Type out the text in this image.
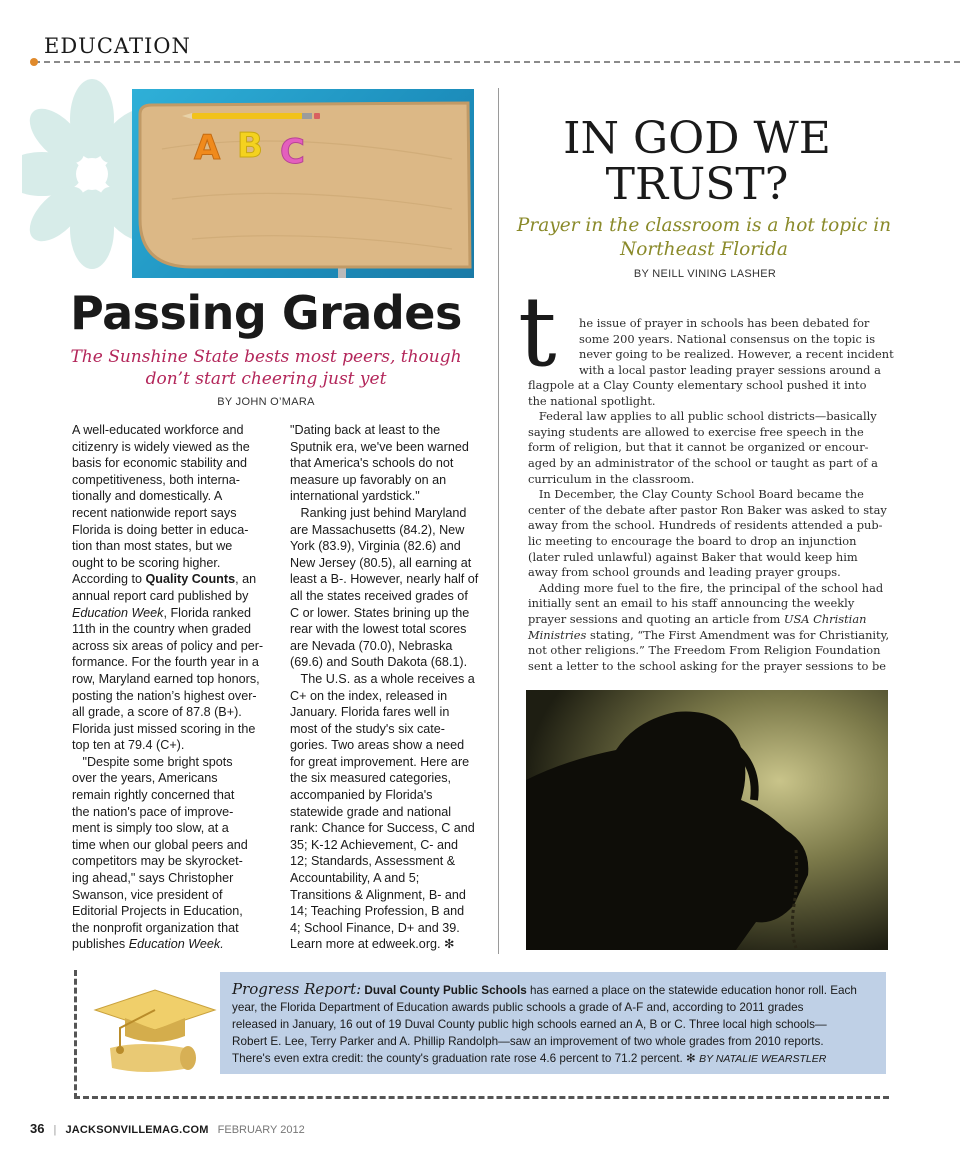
EDUCATION
A B C
Passing Grades
The Sunshine State bests most peers, though
don’t start cheering just yet
BY JOHN O’MARA
A well-educated workforce and
citizenry is widely viewed as the
basis for economic stability and
competitiveness, both interna-
tionally and domestically. A
recent nationwide report says
Florida is doing better in educa-
tion than most states, but we
ought to be scoring higher.
According to Quality Counts, an
annual report card published by
Education Week, Florida ranked
11th in the country when graded
across six areas of policy and per-
formance. For the fourth year in a
row, Maryland earned top honors,
posting the nation’s highest over-
all grade, a score of 87.8 (B+).
Florida just missed scoring in the
top ten at 79.4 (C+).
"Despite some bright spots
over the years, Americans
remain rightly concerned that
the nation's pace of improve-
ment is simply too slow, at a
time when our global peers and
competitors may be skyrocket-
ing ahead," says Christopher
Swanson, vice president of
Editorial Projects in Education,
the nonprofit organization that
publishes Education Week.
"Dating back at least to the
Sputnik era, we've been warned
that America's schools do not
measure up favorably on an
international yardstick."
Ranking just behind Maryland
are Massachusetts (84.2), New
York (83.9), Virginia (82.6) and
New Jersey (80.5), all earning at
least a B-. However, nearly half of
all the states received grades of
C or lower. States brining up the
rear with the lowest total scores
are Nevada (70.0), Nebraska
(69.6) and South Dakota (68.1).
The U.S. as a whole receives a
C+ on the index, released in
January. Florida fares well in
most of the study's six cate-
gories. Two areas show a need
for great improvement. Here are
the six measured categories,
accompanied by Florida's
statewide grade and national
rank: Chance for Success, C and
35; K-12 Achievement, C- and
12; Standards, Assessment &
Accountability, A and 5;
Transitions & Alignment, B- and
14; Teaching Profession, B and
4; School Finance, D+ and 39.
Learn more at edweek.org. ✻
IN GOD WE
TRUST?
Prayer in the classroom is a hot topic in
Northeast Florida
BY NEILL VINING LASHER
t he issue of prayer in schools has been debated for
some 200 years. National consensus on the topic is
never going to be realized. However, a recent incident
with a local pastor leading prayer sessions around a
flagpole at a Clay County elementary school pushed it into
the national spotlight.
Federal law applies to all public school districts—basically
saying students are allowed to exercise free speech in the
form of religion, but that it cannot be organized or encour-
aged by an administrator of the school or taught as part of a
curriculum in the classroom.
In December, the Clay County School Board became the
center of the debate after pastor Ron Baker was asked to stay
away from the school. Hundreds of residents attended a pub-
lic meeting to encourage the board to drop an injunction
(later ruled unlawful) against Baker that would keep him
away from school grounds and leading prayer groups.
Adding more fuel to the fire, the principal of the school had
initially sent an email to his staff announcing the weekly
prayer sessions and quoting an article from USA Christian
Ministries stating, “The First Amendment was for Christianity,
not other religions.” The Freedom From Religion Foundation
sent a letter to the school asking for the prayer sessions to be
Progress Report: Duval County Public Schools has earned a place on the statewide education honor roll. Each
year, the Florida Department of Education awards public schools a grade of A-F and, according to 2011 grades
released in January, 16 out of 19 Duval County public high schools earned an A, B or C. Three local high schools—
Robert E. Lee, Terry Parker and A. Phillip Randolph—saw an improvement of two whole grades from 2010 reports.
There's even extra credit: the county's graduation rate rose 4.6 percent to 71.2 percent. ✻ BY NATALIE WEARSTLER
36 | JACKSONVILLEMAG.COM FEBRUARY 2012
